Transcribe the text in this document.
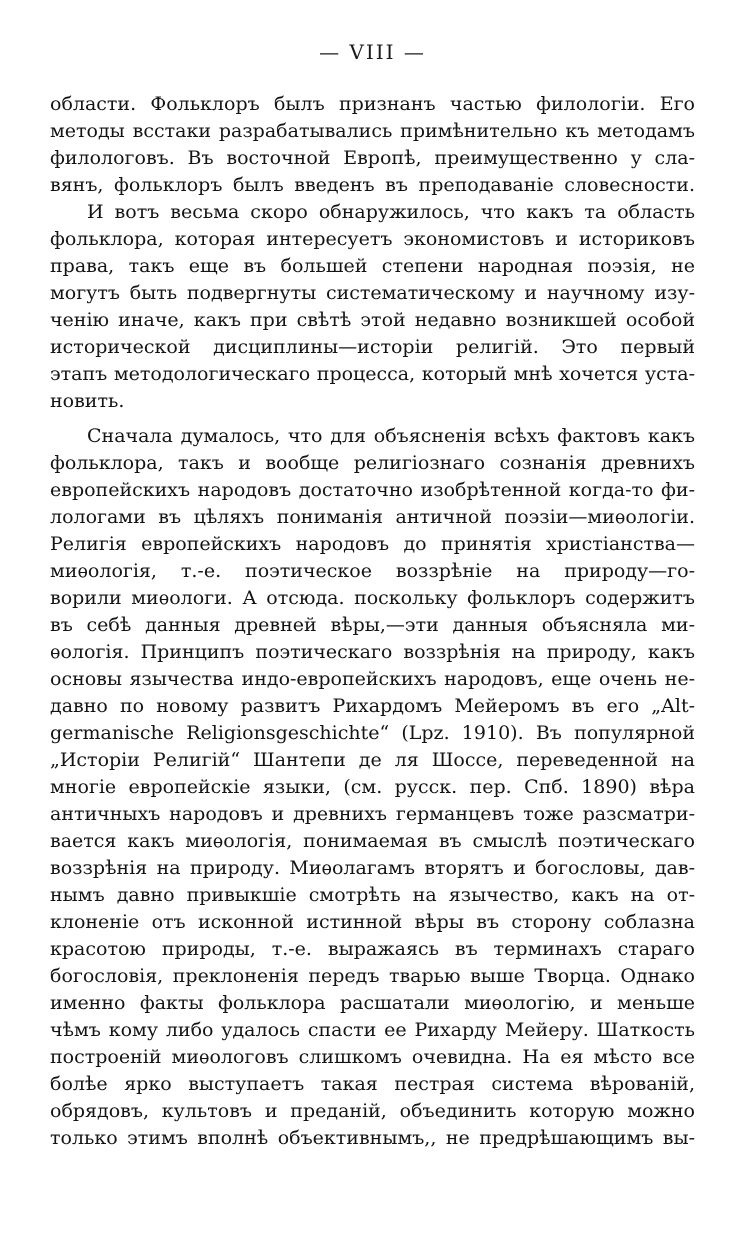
— VIII —
области. Фольклоръ былъ признанъ частью филологiи. Его
методы всстаки разрабатывались примѣнительно къ методамъ
филологовъ. Въ восточной Европѣ, преимущественно у сла-
вянъ, фольклоръ былъ введенъ въ преподаванiе словесности.
И вотъ весьма скоро обнаружилось, что какъ та область
фольклора, которая интересуетъ экономистовъ и историковъ
права, такъ еще въ большей степени народная поэзiя, не
могутъ быть подвергнуты систематическому и научному изу-
ченiю иначе, какъ при свѣтѣ этой недавно возникшей особой
исторической дисциплины—исторiи религiй. Это первый
этапъ методологическаго процесса, который мнѣ хочется уста-
новить.
Сначала думалось, что для объясненiя всѣхъ фактовъ какъ
фольклора, такъ и вообще религiознаго сознанiя древнихъ
европейскихъ народовъ достаточно изобрѣтенной когда-то фи-
лологами въ цѣляхъ пониманiя античной поэзiи—миѳологiи.
Религiя европейскихъ народовъ до принятiя христiанства—
миѳологiя, т.-е. поэтическое воззрѣнiе на природу—го-
ворили миѳологи. А отсюда. поскольку фольклоръ содержитъ
въ себѣ данныя древней вѣры,—эти данныя объясняла ми-
ѳологiя. Принципъ поэтическаго воззрѣнiя на природу, какъ
основы язычества индо-европейскихъ народовъ, еще очень не-
давно по новому развитъ Рихардомъ Мейеромъ въ его „Alt-
germanische Religionsgeschichte“ (Lpz. 1910). Въ популярной
„Исторiи Религiй“ Шантепи де ля Шоссе, переведенной на
многiе европейскiе языки, (см. русск. пер. Спб. 1890) вѣра
античныхъ народовъ и древнихъ германцевъ тоже разсматри-
вается какъ миѳологiя, понимаемая въ смыслѣ поэтическаго
воззрѣнiя на природу. Миѳолагамъ вторятъ и богословы, дав-
нымъ давно привыкшiе смотрѣть на язычество, какъ на от-
клоненiе отъ исконной истинной вѣры въ сторону соблазна
красотою природы, т.-е. выражаясь въ терминахъ стараго
богословiя, преклоненiя передъ тварью выше Творца. Однако
именно факты фольклора расшатали миѳологiю, и меньше
чѣмъ кому либо удалось спасти ее Рихарду Мейеру. Шаткость
построенiй миѳологовъ слишкомъ очевидна. На ея мѣсто все
болѣе ярко выступаетъ такая пестрая система вѣрованiй,
обрядовъ, культовъ и преданiй, объединить которую можно
только этимъ вполнѣ объективнымъ,, не предрѣшающимъ вы-
